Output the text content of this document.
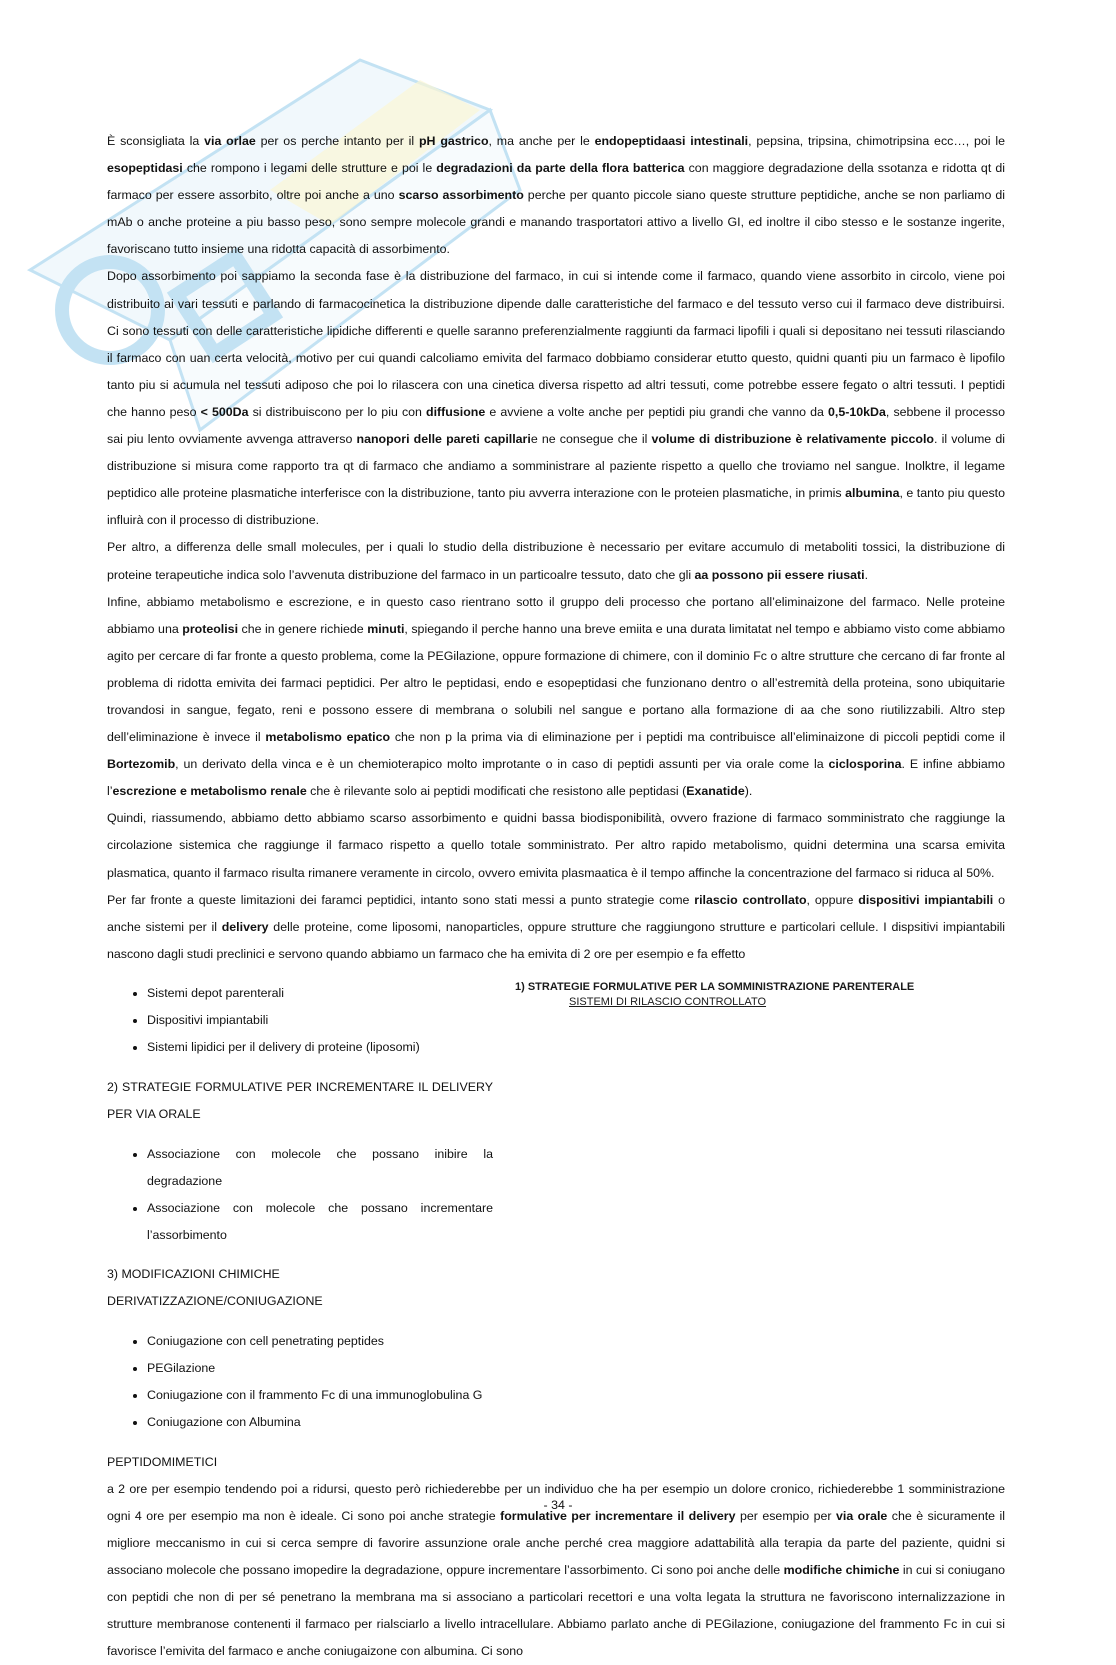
È sconsigliata la via orlae per os perche intanto per il pH gastrico, ma anche per le endopeptidaasi intestinali, pepsina, tripsina, chimotripsina ecc…, poi le esopeptidasi che rompono i legami delle strutture e poi le degradazioni da parte della flora batterica con maggiore degradazione della ssotanza e ridotta qt di farmaco per essere assorbito, oltre poi anche a uno scarso assorbimento perche per quanto piccole siano queste strutture peptidiche, anche se non parliamo di mAb o anche proteine a piu basso peso, sono sempre molecole grandi e manando trasportatori attivo a livello GI, ed inoltre il cibo stesso e le sostanze ingerite, favoriscano tutto insieme una ridotta capacità di assorbimento.

Dopo assorbimento poi sappiamo la seconda fase è la distribuzione del farmaco, in cui si intende come il farmaco, quando viene assorbito in circolo, viene poi distribuito ai vari tessuti e parlando di farmacocinetica la distribuzione dipende dalle caratteristiche del farmaco e del tessuto verso cui il farmaco deve distribuirsi. Ci sono tessuti con delle caratteristiche lipidiche differenti e quelle saranno preferenzialmente raggiunti da farmaci lipofili i quali si depositano nei tessuti rilasciando il farmaco con uan certa velocità, motivo per cui quandi calcoliamo emivita del farmaco dobbiamo considerar etutto questo, quidni quanti piu un farmaco è lipofilo tanto piu si acumula nel tessuti adiposo che poi lo rilascera con una cinetica diversa rispetto ad altri tessuti, come potrebbe essere fegato o altri tessuti. I peptidi che hanno peso < 500Da si distribuiscono per lo piu con diffusione e avviene a volte anche per peptidi piu grandi che vanno da 0,5-10kDa, sebbene il processo sai piu lento ovviamente avvenga attraverso nanopori delle pareti capillarie ne consegue che il volume di distribuzione è relativamente piccolo. il volume di distribuzione si misura come rapporto tra qt di farmaco che andiamo a somministrare al paziente rispetto a quello che troviamo nel sangue. Inolktre, il legame peptidico alle proteine plasmatiche interferisce con la distribuzione, tanto piu avverra interazione con le proteien plasmatiche, in primis albumina, e tanto piu questo influirà con il processo di distribuzione.

Per altro, a differenza delle small molecules, per i quali lo studio della distribuzione è necessario per evitare accumulo di metaboliti tossici, la distribuzione di proteine terapeutiche indica solo l’avvenuta distribuzione del farmaco in un particoalre tessuto, dato che gli aa possono pii essere riusati.

Infine, abbiamo metabolismo e escrezione, e in questo caso rientrano sotto il gruppo deli processo che portano all’eliminaizone del farmaco. Nelle proteine abbiamo una proteolisi che in genere richiede minuti, spiegando il perche hanno una breve emiita e una durata limitatat nel tempo e abbiamo visto come abbiamo agito per cercare di far fronte a questo problema, come la PEGilazione, oppure formazione di chimere, con il dominio Fc o altre strutture che cercano di far fronte al problema di ridotta emivita dei farmaci peptidici. Per altro le peptidasi, endo e esopeptidasi che funzionano dentro o all’estremità della proteina, sono ubiquitarie trovandosi in sangue, fegato, reni e possono essere di membrana o solubili nel sangue e portano alla formazione di aa che sono riutilizzabili. Altro step dell’eliminazione è invece il metabolismo epatico che non p la prima via di eliminazione per i peptidi ma contribuisce all’eliminaizone di piccoli peptidi come il Bortezomib, un derivato della vinca e è un chemioterapico molto improtante o in caso di peptidi assunti per via orale come la ciclosporina. E infine abbiamo l’escrezione e metabolismo renale che è rilevante solo ai peptidi modificati che resistono alle peptidasi (Exanatide).

Quindi, riassumendo, abbiamo detto abbiamo scarso assorbimento e quidni bassa biodisponibilità, ovvero frazione di farmaco somministrato che raggiunge la circolazione sistemica che raggiunge il farmaco rispetto a quello totale somministrato. Per altro rapido metabolismo, quidni determina una scarsa emivita plasmatica, quanto il farmaco risulta rimanere veramente in circolo, ovvero emivita plasmaatica è il tempo affinche la concentrazione del farmaco si riduca al 50%.

Per far fronte a queste limitazioni dei faramci peptidici, intanto sono stati messi a punto strategie come rilascio controllato, oppure dispositivi impiantabili o anche sistemi per il delivery delle proteine, come liposomi, nanoparticles, oppure strutture che raggiungono strutture e particolari cellule. I dispsitivi impiantabili nascono dagli studi preclinici e servono quando abbiamo un farmaco che ha emivita di 2 ore per esempio e fa effetto
1) STRATEGIE FORMULATIVE PER LA SOMMINISTRAZIONE PARENTERALE
SISTEMI DI RILASCIO CONTROLLATO

• Sistemi depot parenterali
• Dispositivi impiantabili
• Sistemi lipidici per il delivery di proteine (liposomi)
2) STRATEGIE FORMULATIVE PER INCREMENTARE IL DELIVERY PER VIA ORALE
• Associazione con molecole che possano inibire la degradazione
• Associazione con molecole che possano incrementare l’assorbimento
3) MODIFICAZIONI CHIMICHE
DERIVATIZZAZIONE/CONIUGAZIONE
• Coniugazione con cell penetrating peptides
• PEGilazione
• Coniugazione con il frammento Fc di una immunoglobulina G
• Coniugazione con Albumina
PEPTIDOMIMETICI
a 2 ore per esempio tendendo poi a ridursi, questo però richiederebbe per un individuo che ha per esempio un dolore cronico, richiederebbe 1 somministrazione ogni 4 ore per esempio ma non è ideale. Ci sono poi anche strategie formulative per incrementare il delivery per esempio per via orale che è sicuramente il migliore meccanismo in cui si cerca sempre di favorire assunzione orale anche perché crea maggiore adattabilità alla terapia da parte del paziente, quidni si associano molecole che possano imopedire la degradazione, oppure incrementare l’assorbimento. Ci sono poi anche delle modifiche chimiche in cui si coniugano con peptidi che non di per sé penetrano la membrana ma si associano a particolari recettori e una volta legata la struttura ne favoriscono internalizzazione in strutture membranose contenenti il farmaco per rialsciarlo a livello intracellulare. Abbiamo parlato anche di PEGilazione, coniugazione del frammento Fc in cui si favorisce l’emivita del farmaco e anche coniugaizone con albumina. Ci sono

- 34 -
